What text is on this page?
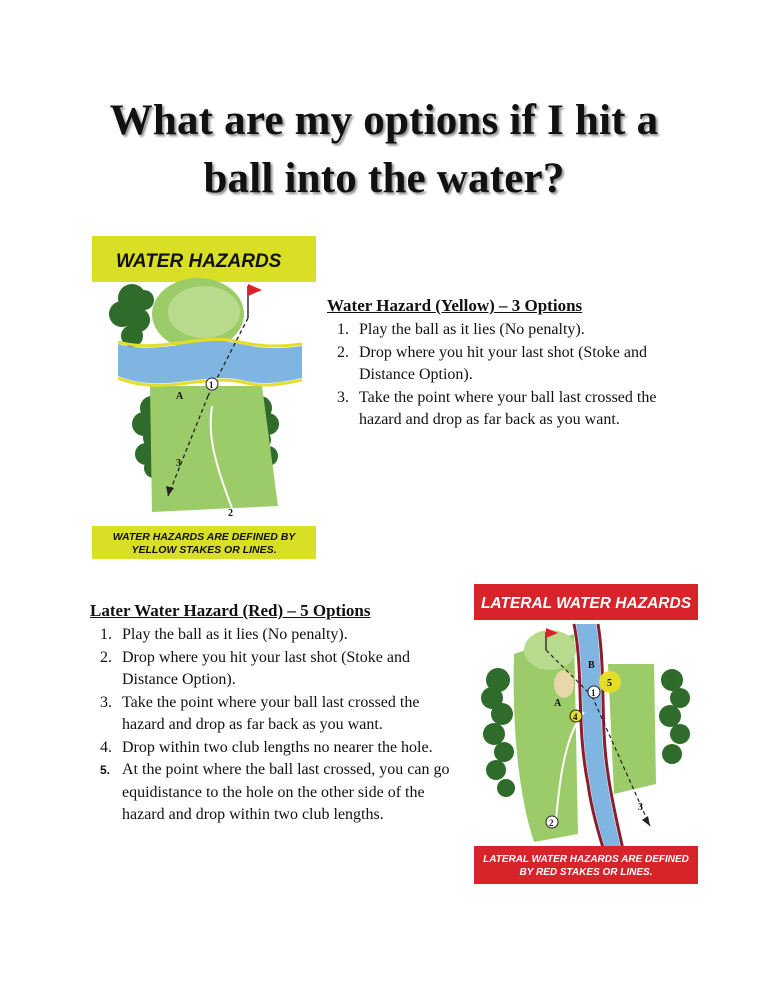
What are my options if I hit a
ball into the water?
WATER HAZARDS
1
A
3
2
WATER HAZARDS ARE DEFINED BY
YELLOW STAKES OR LINES.
Water Hazard (Yellow) – 3 Options
1. Play the ball as it lies (No penalty).
2. Drop where you hit your last shot (Stoke and Distance Option).
3. Take the point where your ball last crossed the hazard and drop as far back as you want.
Later Water Hazard (Red) – 5 Options
1. Play the ball as it lies (No penalty).
2. Drop where you hit your last shot (Stoke and Distance Option).
3. Take the point where your ball last crossed the hazard and drop as far back as you want.
4. Drop within two club lengths no nearer the hole.
5. At the point where the ball last crossed, you can go equidistance to the hole on the other side of the hazard and drop within two club lengths.
LATERAL WATER HAZARDS
5
1
4
B
A
2
3
LATERAL WATER HAZARDS ARE DEFINED
BY RED STAKES OR LINES.
